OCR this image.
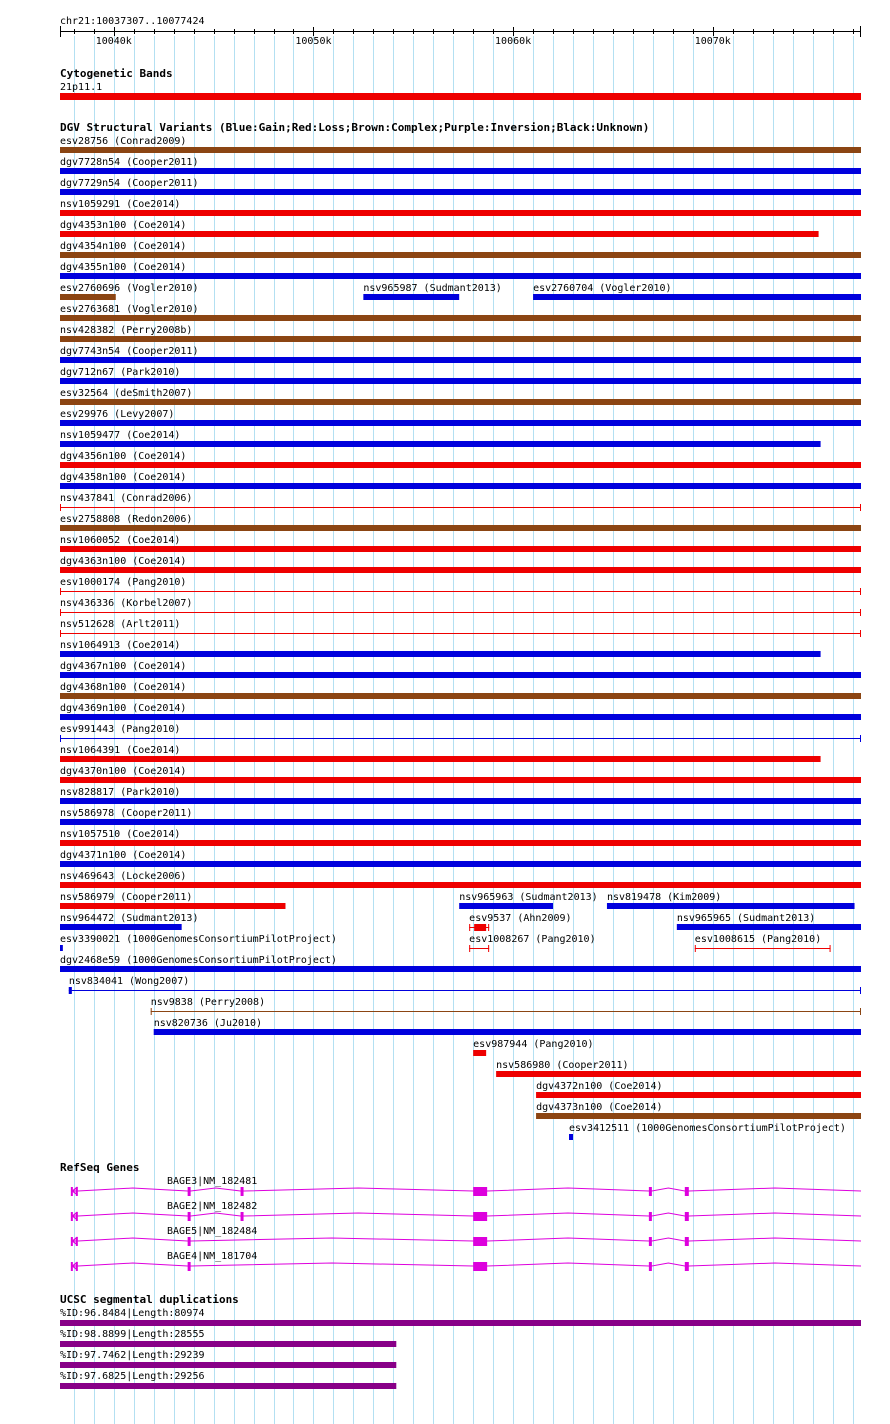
chr21:10037307..10077424
10040k	10050k	10060k	10070k
Cytogenetic Bands
21p11.1
DGV Structural Variants (Blue:Gain;Red:Loss;Brown:Complex;Purple:Inversion;Black:Unknown)
esv28756 (Conrad2009)
dgv7728n54 (Cooper2011)
dgv7729n54 (Cooper2011)
nsv1059291 (Coe2014)
dgv4353n100 (Coe2014)
dgv4354n100 (Coe2014)
dgv4355n100 (Coe2014)
esv2760696 (Vogler2010)	nsv965987 (Sudmant2013)	esv2760704 (Vogler2010)
esv2763681 (Vogler2010)
nsv428382 (Perry2008b)
dgv7743n54 (Cooper2011)
dgv712n67 (Park2010)
esv32564 (deSmith2007)
esv29976 (Levy2007)
nsv1059477 (Coe2014)
dgv4356n100 (Coe2014)
dgv4358n100 (Coe2014)
nsv437841 (Conrad2006)
esv2758808 (Redon2006)
nsv1060052 (Coe2014)
dgv4363n100 (Coe2014)
esv1000174 (Pang2010)
nsv436336 (Korbel2007)
nsv512628 (Arlt2011)
nsv1064913 (Coe2014)
dgv4367n100 (Coe2014)
dgv4368n100 (Coe2014)
dgv4369n100 (Coe2014)
esv991443 (Pang2010)
nsv1064391 (Coe2014)
dgv4370n100 (Coe2014)
nsv828817 (Park2010)
nsv586978 (Cooper2011)
nsv1057510 (Coe2014)
dgv4371n100 (Coe2014)
nsv469643 (Locke2006)
nsv586979 (Cooper2011)	nsv965963 (Sudmant2013) nsv819478 (Kim2009)
nsv964472 (Sudmant2013)	esv9537 (Ahn2009)	nsv965965 (Sudmant2013)
esv3390021 (1000GenomesConsortiumPilotProject)	esv1008267 (Pang2010)	esv1008615 (Pang2010)
dgv2468e59 (1000GenomesConsortiumPilotProject)
nsv834041 (Wong2007)
nsv9838 (Perry2008)
nsv820736 (Ju2010)
esv987944 (Pang2010)
nsv586980 (Cooper2011)
dgv4372n100 (Coe2014)
dgv4373n100 (Coe2014)
esv3412511 (1000GenomesConsortiumPilotProject)
RefSeq Genes
BAGE3|NM_182481
BAGE2|NM_182482
BAGE5|NM_182484
BAGE4|NM_181704
UCSC segmental duplications
%ID:96.8484|Length:80974
%ID:98.8899|Length:28555
%ID:97.7462|Length:29239
%ID:97.6825|Length:29256
